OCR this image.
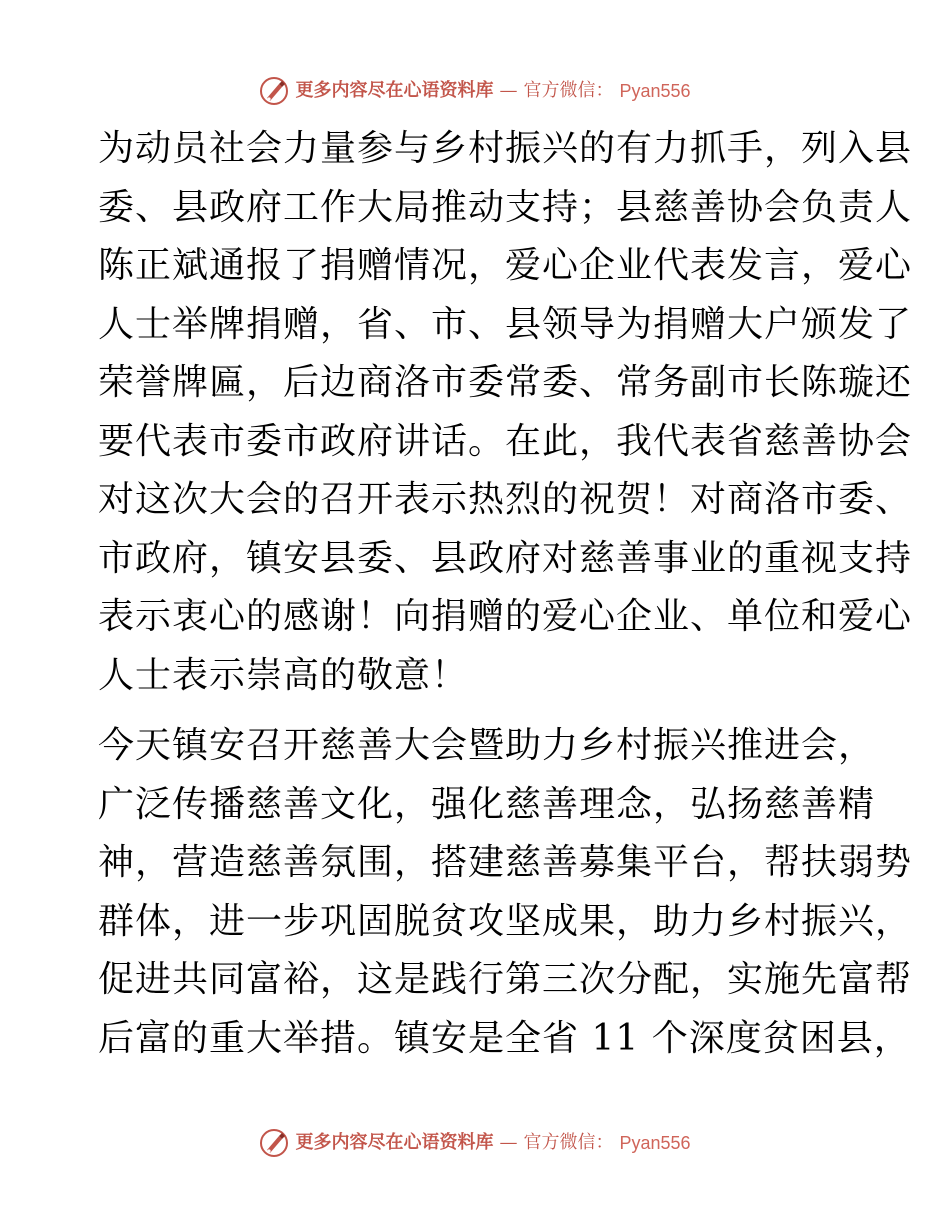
更多内容尽在心语资料库 — 官方微信： Pyan556
为动员社会力量参与乡村振兴的有力抓手，列入县
委、县政府工作大局推动支持；县慈善协会负责人
陈正斌通报了捐赠情况，爱心企业代表发言，爱心
人士举牌捐赠，省、市、县领导为捐赠大户颁发了
荣誉牌匾，后边商洛市委常委、常务副市长陈璇还
要代表市委市政府讲话。在此，我代表省慈善协会
对这次大会的召开表示热烈的祝贺！对商洛市委、
市政府，镇安县委、县政府对慈善事业的重视支持
表示衷心的感谢！向捐赠的爱心企业、单位和爱心
人士表示崇高的敬意！
今天镇安召开慈善大会暨助力乡村振兴推进会，
广泛传播慈善文化，强化慈善理念，弘扬慈善精
神，营造慈善氛围，搭建慈善募集平台，帮扶弱势
群体，进一步巩固脱贫攻坚成果，助力乡村振兴，
促进共同富裕，这是践行第三次分配，实施先富帮
后富的重大举措。镇安是全省 11 个深度贫困县，
更多内容尽在心语资料库 — 官方微信： Pyan556
